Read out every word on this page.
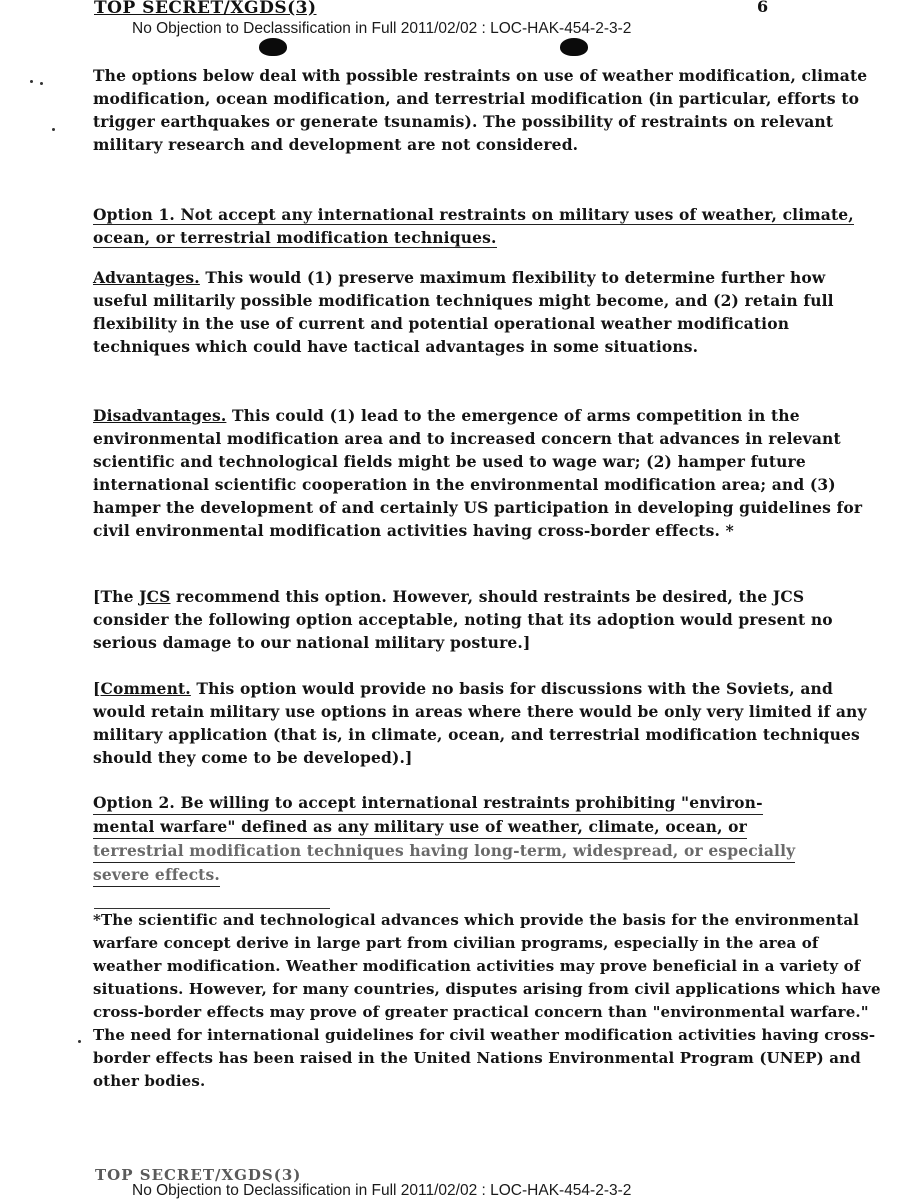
TOP SECRET/XGDS(3)	6
No Objection to Declassification in Full 2011/02/02 : LOC-HAK-454-2-3-2

The options below deal with possible restraints on use of weather modification, climate modification, ocean modification, and terrestrial modification (in particular, efforts to trigger earthquakes or generate tsunamis). The possibility of restraints on relevant military research and development are not considered.

Option 1. Not accept any international restraints on military uses of weather, climate, ocean, or terrestrial modification techniques.

Advantages. This would (1) preserve maximum flexibility to determine further how useful militarily possible modification techniques might become, and (2) retain full flexibility in the use of current and potential operational weather modification techniques which could have tactical advantages in some situations.

Disadvantages. This could (1) lead to the emergence of arms competition in the environmental modification area and to increased concern that advances in relevant scientific and technological fields might be used to wage war; (2) hamper future international scientific cooperation in the environmental modification area; and (3) hamper the development of and certainly US participation in developing guidelines for civil environmental modification activities having cross-border effects. *

[The JCS recommend this option. However, should restraints be desired, the JCS consider the following option acceptable, noting that its adoption would present no serious damage to our national military posture.]

[Comment. This option would provide no basis for discussions with the Soviets, and would retain military use options in areas where there would be only very limited if any military application (that is, in climate, ocean, and terrestrial modification techniques should they come to be developed).]

Option 2. Be willing to accept international restraints prohibiting "environ-
mental warfare" defined as any military use of weather, climate, ocean, or
terrestrial modification techniques having long-term, widespread, or especially
severe effects.

*The scientific and technological advances which provide the basis for the environmental warfare concept derive in large part from civilian programs, especially in the area of weather modification. Weather modification activities may prove beneficial in a variety of situations. However, for many countries, disputes arising from civil applications which have cross-border effects may prove of greater practical concern than "environmental warfare." The need for international guidelines for civil weather modification activities having cross-border effects has been raised in the United Nations Environmental Program (UNEP) and other bodies.

TOP SECRET/XGDS(3)
No Objection to Declassification in Full 2011/02/02 : LOC-HAK-454-2-3-2
